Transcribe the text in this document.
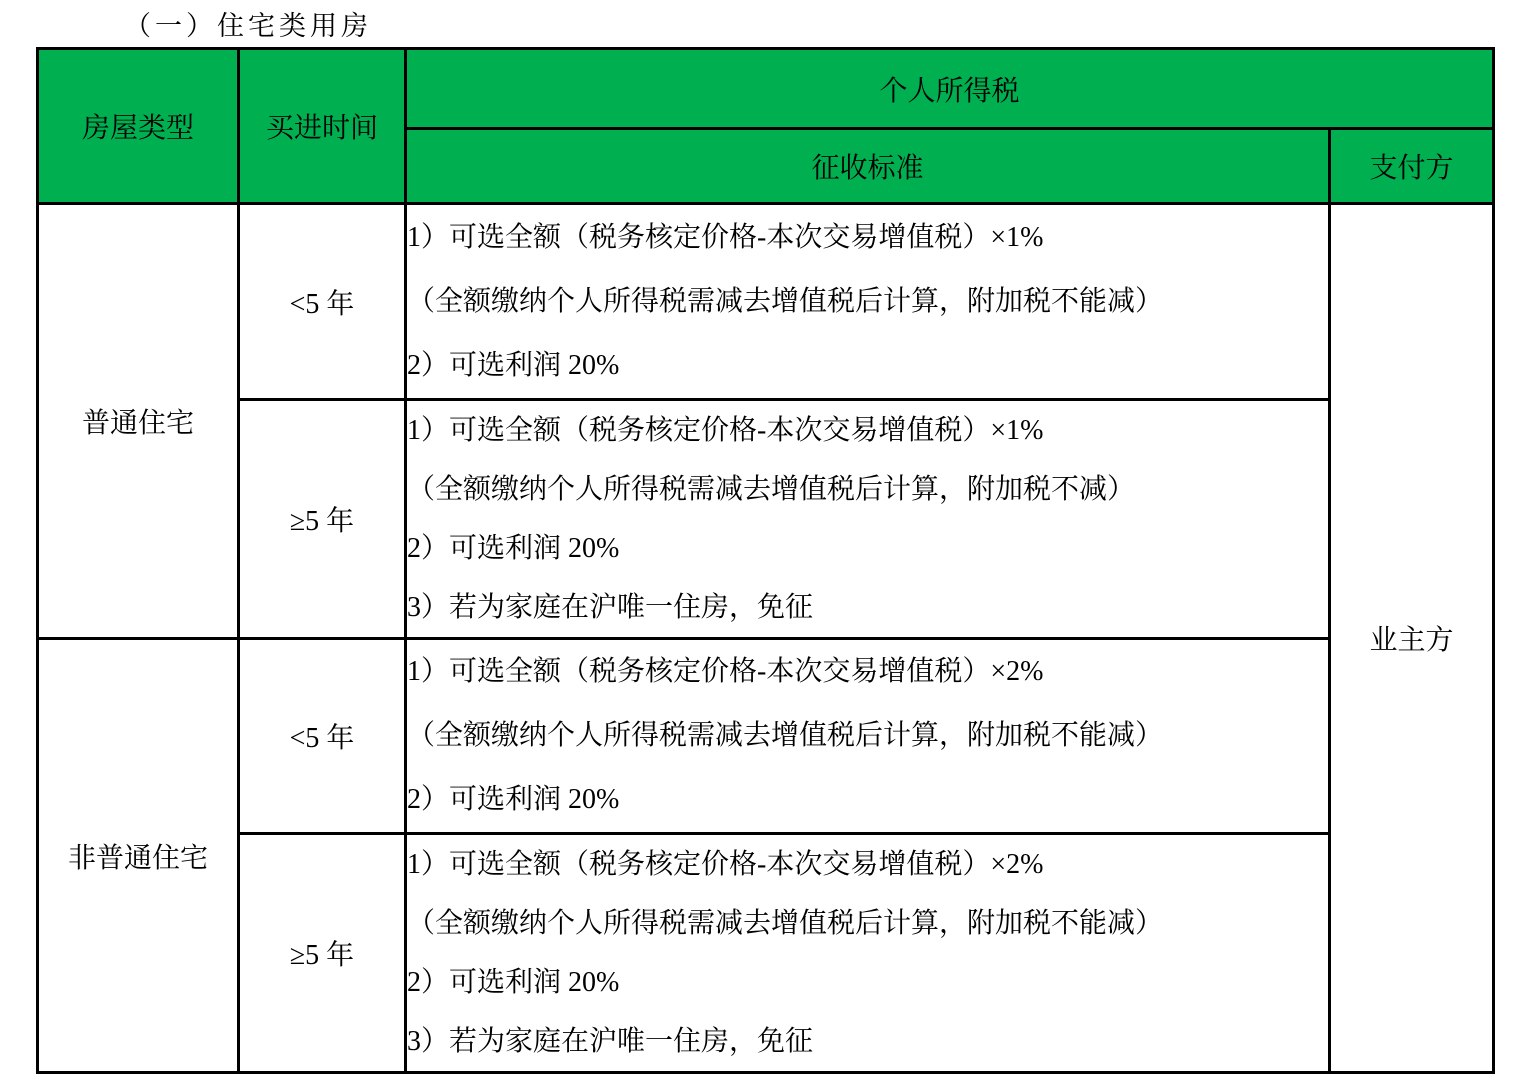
（一）住宅类用房
房屋类型	买进时间	个人所得税	
		征收标准	支付方
普通住宅	<5 年	1）可选全额（税务核定价格-本次交易增值税）×1%
（全额缴纳个人所得税需减去增值税后计算，附加税不能减）
2）可选利润 20%	业主方
	≥5 年	1）可选全额（税务核定价格-本次交易增值税）×1%
（全额缴纳个人所得税需减去增值税后计算，附加税不减）
2）可选利润 20%
3）若为家庭在沪唯一住房，免征	

非普通住宅	<5 年	1）可选全额（税务核定价格-本次交易增值税）×2%
（全额缴纳个人所得税需减去增值税后计算，附加税不能减）
2）可选利润 20%	

	≥5 年	1）可选全额（税务核定价格-本次交易增值税）×2%
（全额缴纳个人所得税需减去增值税后计算，附加税不能减）
2）可选利润 20%
3）若为家庭在沪唯一住房，免征	
